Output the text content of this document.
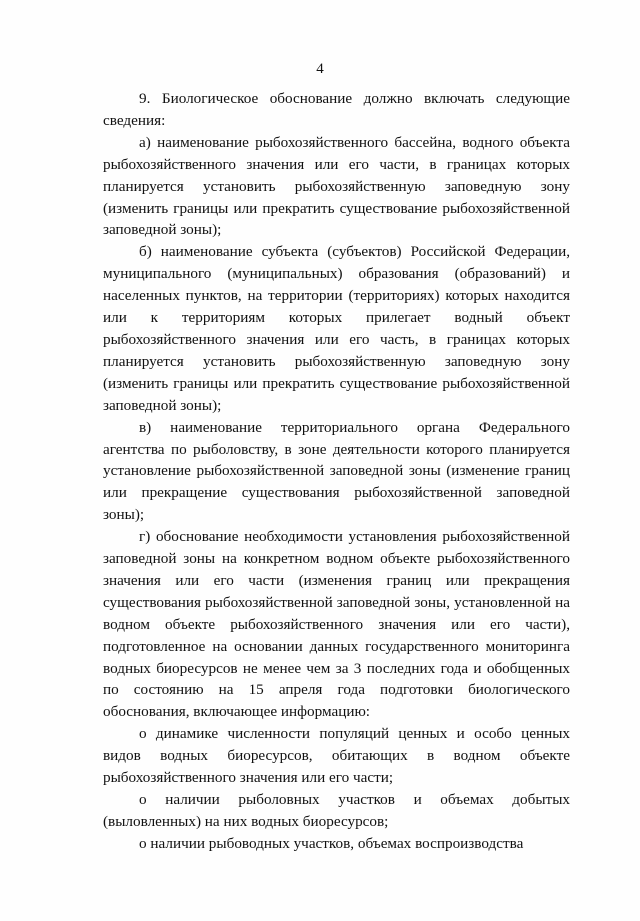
4

9. Биологическое обоснование должно включать следующие сведения:

а) наименование рыбохозяйственного бассейна, водного объекта рыбохозяйственного значения или его части, в границах которых планируется установить рыбохозяйственную заповедную зону (изменить границы или прекратить существование рыбохозяйственной заповедной зоны);

б) наименование субъекта (субъектов) Российской Федерации, муниципального (муниципальных) образования (образований) и населенных пунктов, на территории (территориях) которых находится или к территориям которых прилегает водный объект рыбохозяйственного значения или его часть, в границах которых планируется установить рыбохозяйственную заповедную зону (изменить границы или прекратить существование рыбохозяйственной заповедной зоны);

в) наименование территориального органа Федерального агентства по рыболовству, в зоне деятельности которого планируется установление рыбохозяйственной заповедной зоны (изменение границ или прекращение существования рыбохозяйственной заповедной зоны);

г) обоснование необходимости установления рыбохозяйственной заповедной зоны на конкретном водном объекте рыбохозяйственного значения или его части (изменения границ или прекращения существования рыбохозяйственной заповедной зоны, установленной на водном объекте рыбохозяйственного значения или его части), подготовленное на основании данных государственного мониторинга водных биоресурсов не менее чем за 3 последних года и обобщенных по состоянию на 15 апреля года подготовки биологического обоснования, включающее информацию:

о динамике численности популяций ценных и особо ценных видов водных биоресурсов, обитающих в водном объекте рыбохозяйственного значения или его части;

о наличии рыболовных участков и объемах добытых (выловленных) на них водных биоресурсов;

о наличии рыбоводных участков, объемах воспроизводства
